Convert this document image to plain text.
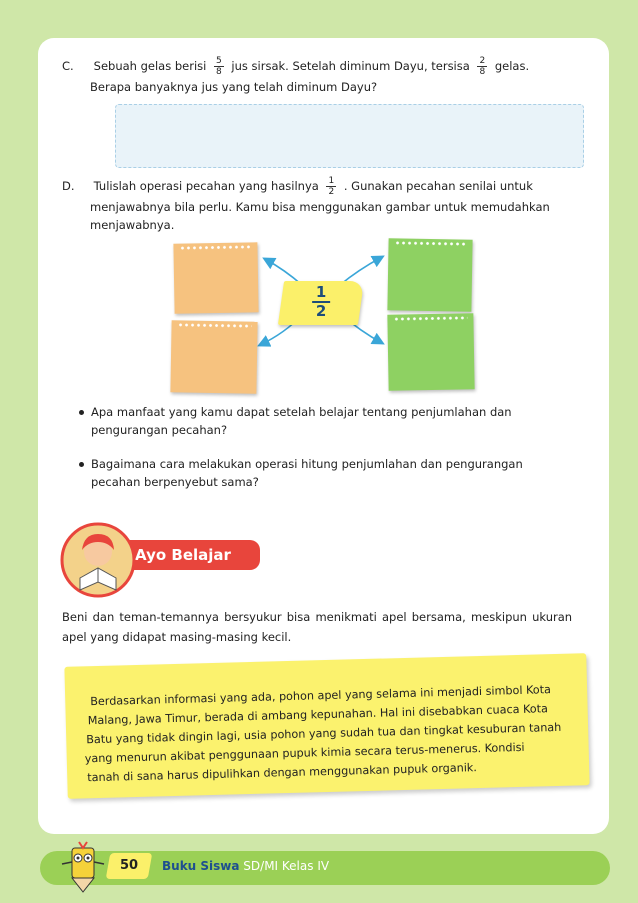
C. Sebuah gelas berisi $\frac{5}{8}$ jus sirsak. Setelah diminum Dayu, tersisa $\frac{2}{8}$ gelas.
Berapa banyaknya jus yang telah diminum Dayu?
D. Tulislah operasi pecahan yang hasilnya $\frac{1}{2}$ . Gunakan pecahan senilai untuk
menjawabnya bila perlu. Kamu bisa menggunakan gambar untuk memudahkan
menjawabnya.
$\frac{1}{2}$
Apa manfaat yang kamu dapat setelah belajar tentang penjumlahan dan
pengurangan pecahan?
Bagaimana cara melakukan operasi hitung penjumlahan dan pengurangan
pecahan berpenyebut sama?
Ayo Belajar
Beni dan teman-temannya bersyukur bisa menikmati apel bersama, meskipun ukuran
apel yang didapat masing-masing kecil.
Berdasarkan informasi yang ada, pohon apel yang selama ini menjadi simbol Kota
Malang, Jawa Timur, berada di ambang kepunahan. Hal ini disebabkan cuaca Kota
Batu yang tidak dingin lagi, usia pohon yang sudah tua dan tingkat kesuburan tanah
yang menurun akibat penggunaan pupuk kimia secara terus-menerus. Kondisi
tanah di sana harus dipulihkan dengan menggunakan pupuk organik.
50	Buku Siswa SD/MI Kelas IV
